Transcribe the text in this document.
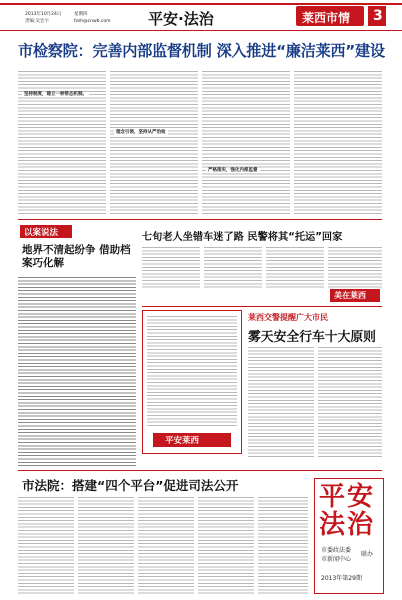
2013年10月24日	星期四
责编:吴宏宇	fzsh@cnwb.com 平安·法治	莱西市情 3
市检察院：完善内部监督机制 深入推进“廉洁莱西”建设
坚持制度，建立一种常态机制。
理念引领，坚持从严治检
严格落实，强化内部监督
以案说法
地界不清起纷争 借助档案巧化解
七旬老人坐错车迷了路 民警将其“托运”回家
美在莱西
平安莱西
莱西交警提醒广大市民
雾天安全行车十大原则
市法院：搭建“四个平台”促进司法公开	平安
法治
市委政法委
市新闻中心
联办
2013年第29期
